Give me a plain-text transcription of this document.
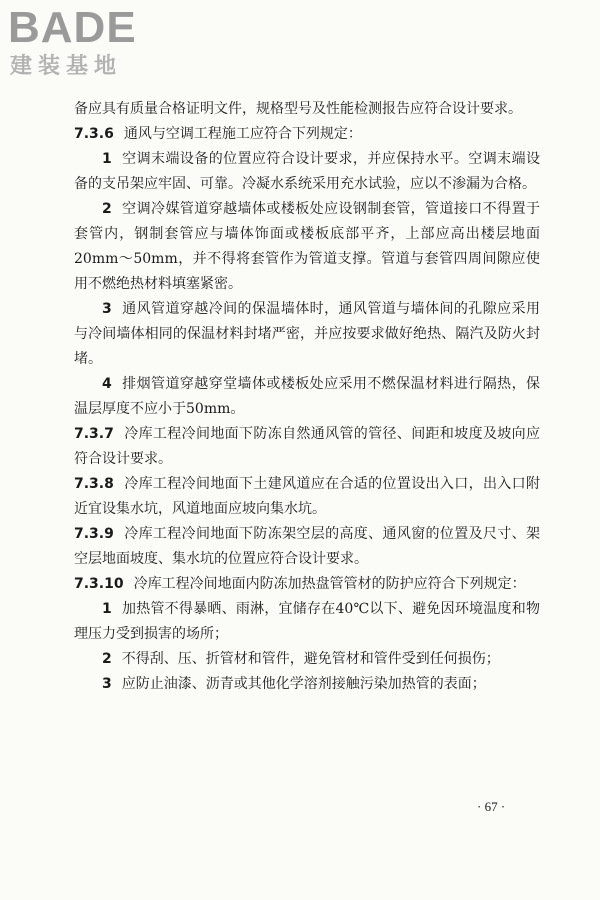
BADE
建装基地

备应具有质量合格证明文件，规格型号及性能检测报告应符合设计要求。

7.3.6 通风与空调工程施工应符合下列规定：

1 空调末端设备的位置应符合设计要求，并应保持水平。空调末端设备的支吊架应牢固、可靠。冷凝水系统采用充水试验，应以不渗漏为合格。

2 空调冷媒管道穿越墙体或楼板处应设钢制套管，管道接口不得置于套管内，钢制套管应与墙体饰面或楼板底部平齐，上部应高出楼层地面20mm～50mm，并不得将套管作为管道支撑。管道与套管四周间隙应使用不燃绝热材料填塞紧密。

3 通风管道穿越冷间的保温墙体时，通风管道与墙体间的孔隙应采用与冷间墙体相同的保温材料封堵严密，并应按要求做好绝热、隔汽及防火封堵。

4 排烟管道穿越穿堂墙体或楼板处应采用不燃保温材料进行隔热，保温层厚度不应小于50mm。

7.3.7 冷库工程冷间地面下防冻自然通风管的管径、间距和坡度及坡向应符合设计要求。

7.3.8 冷库工程冷间地面下土建风道应在合适的位置设出入口，出入口附近宜设集水坑，风道地面应坡向集水坑。

7.3.9 冷库工程冷间地面下防冻架空层的高度、通风窗的位置及尺寸、架空层地面坡度、集水坑的位置应符合设计要求。

7.3.10 冷库工程冷间地面内防冻加热盘管管材的防护应符合下列规定：

1 加热管不得暴晒、雨淋，宜储存在40℃以下、避免因环境温度和物理压力受到损害的场所；

2 不得刮、压、折管材和管件，避免管材和管件受到任何损伤；

3 应防止油漆、沥青或其他化学溶剂接触污染加热管的表面；

· 67 ·
